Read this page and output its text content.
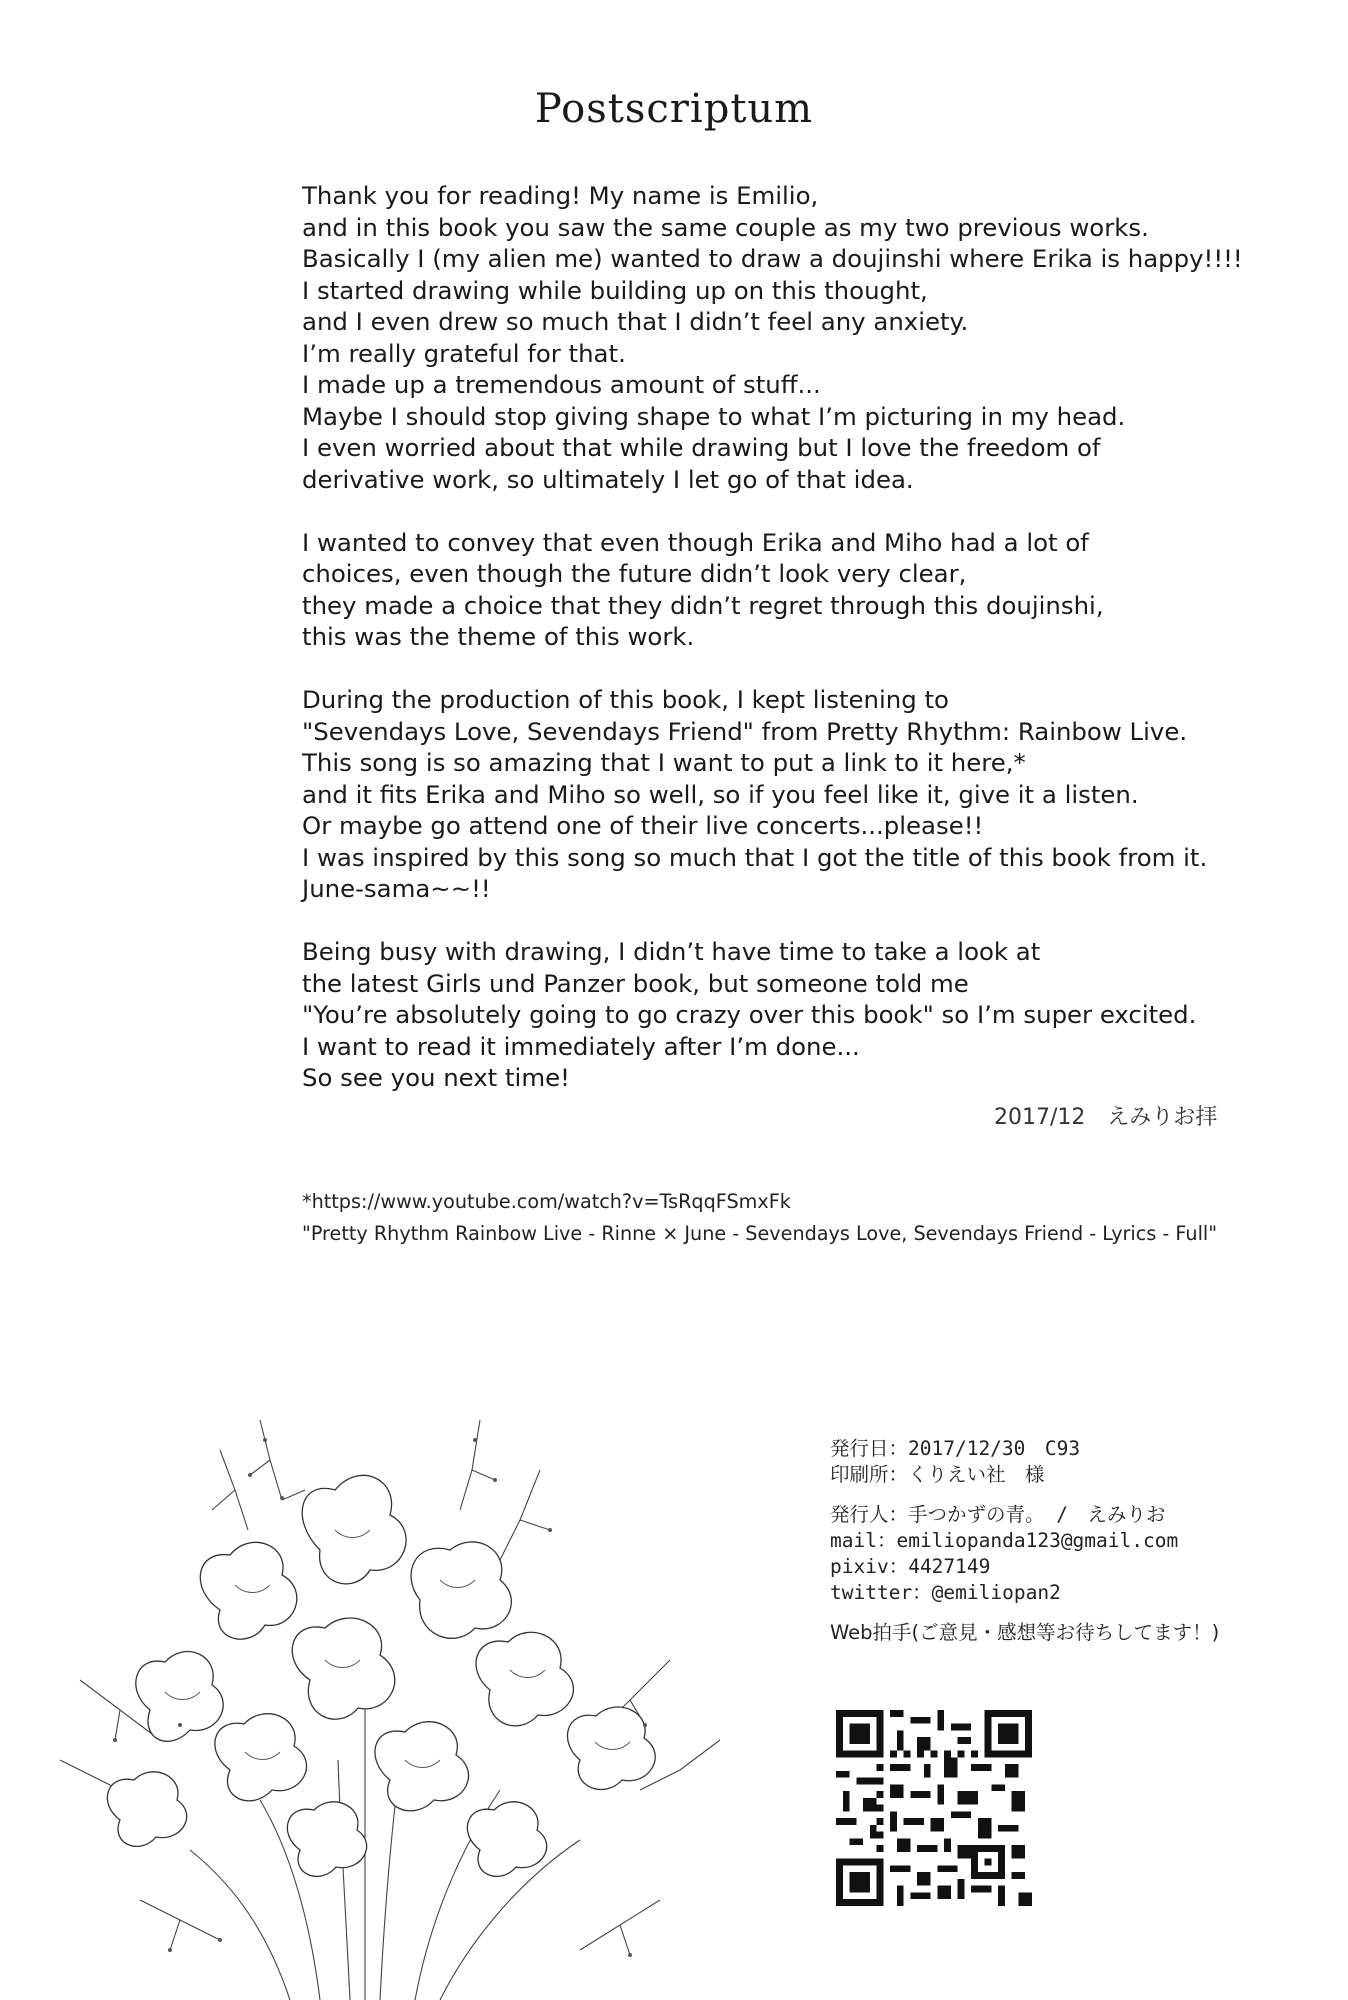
Postscriptum
Thank you for reading! My name is Emilio,
and in this book you saw the same couple as my two previous works.
Basically I (my alien me) wanted to draw a doujinshi where Erika is happy!!!!
I started drawing while building up on this thought,
and I even drew so much that I didn’t feel any anxiety.
I’m really grateful for that.
I made up a tremendous amount of stuff...
Maybe I should stop giving shape to what I’m picturing in my head.
I even worried about that while drawing but I love the freedom of
derivative work, so ultimately I let go of that idea.
I wanted to convey that even though Erika and Miho had a lot of
choices, even though the future didn’t look very clear,
they made a choice that they didn’t regret through this doujinshi,
this was the theme of this work.
During the production of this book, I kept listening to
"Sevendays Love, Sevendays Friend" from Pretty Rhythm: Rainbow Live.
This song is so amazing that I want to put a link to it here,*
and it fits Erika and Miho so well, so if you feel like it, give it a listen.
Or maybe go attend one of their live concerts...please!!
I was inspired by this song so much that I got the title of this book from it.
June-sama~~!!
Being busy with drawing, I didn’t have time to take a look at
the latest Girls und Panzer book, but someone told me
"You’re absolutely going to go crazy over this book" so I’m super excited.
I want to read it immediately after I’m done...
So see you next time!
2017/12　えみりお拝
*https://www.youtube.com/watch?v=TsRqqFSmxFk
"Pretty Rhythm Rainbow Live - Rinne × June - Sevendays Love, Sevendays Friend - Lyrics - Full"
発行日：2017/12/30　C93
印刷所：くりえい社　様
発行人：手つかずの青。 /　えみりお
mail：emiliopanda123@gmail.com
pixiv：4427149
twitter：@emiliopan2
Web拍手(ご意見・感想等お待ちしてます！)
